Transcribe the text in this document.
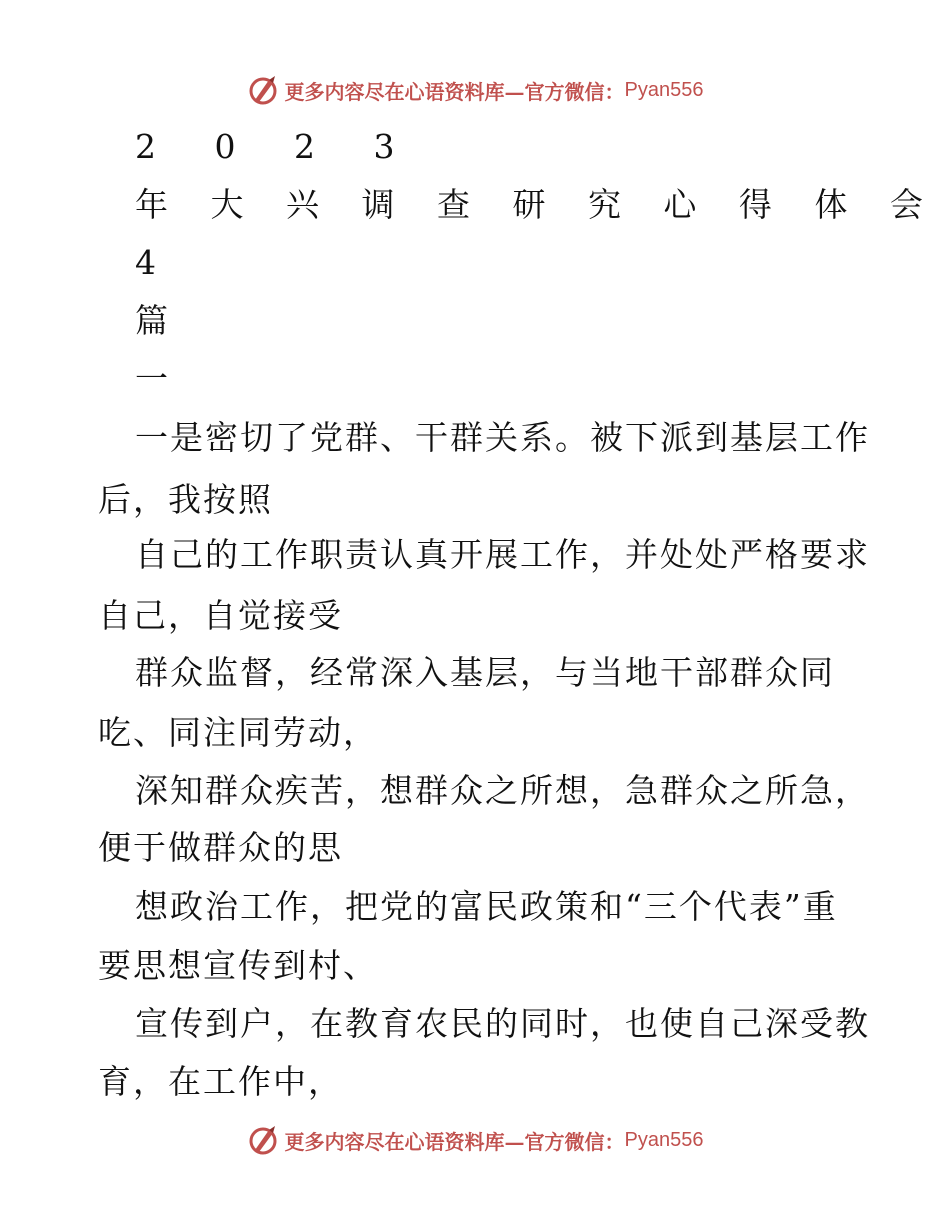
更多内容尽在心语资料库—官方微信： Pyan556
2 0 2 3
年 大 兴 调 查 研 究 心 得 体 会
4
篇
一
一是密切了党群、干群关系。被下派到基层工作
后，我按照
自己的工作职责认真开展工作，并处处严格要求
自己，自觉接受
群众监督，经常深入基层，与当地干部群众同
吃、同注同劳动，
深知群众疾苦，想群众之所想，急群众之所急，
便于做群众的思
想政治工作，把党的富民政策和“三个代表”重
要思想宣传到村、
宣传到户，在教育农民的同时，也使自己深受教
育，在工作中，
更多内容尽在心语资料库—官方微信： Pyan556
